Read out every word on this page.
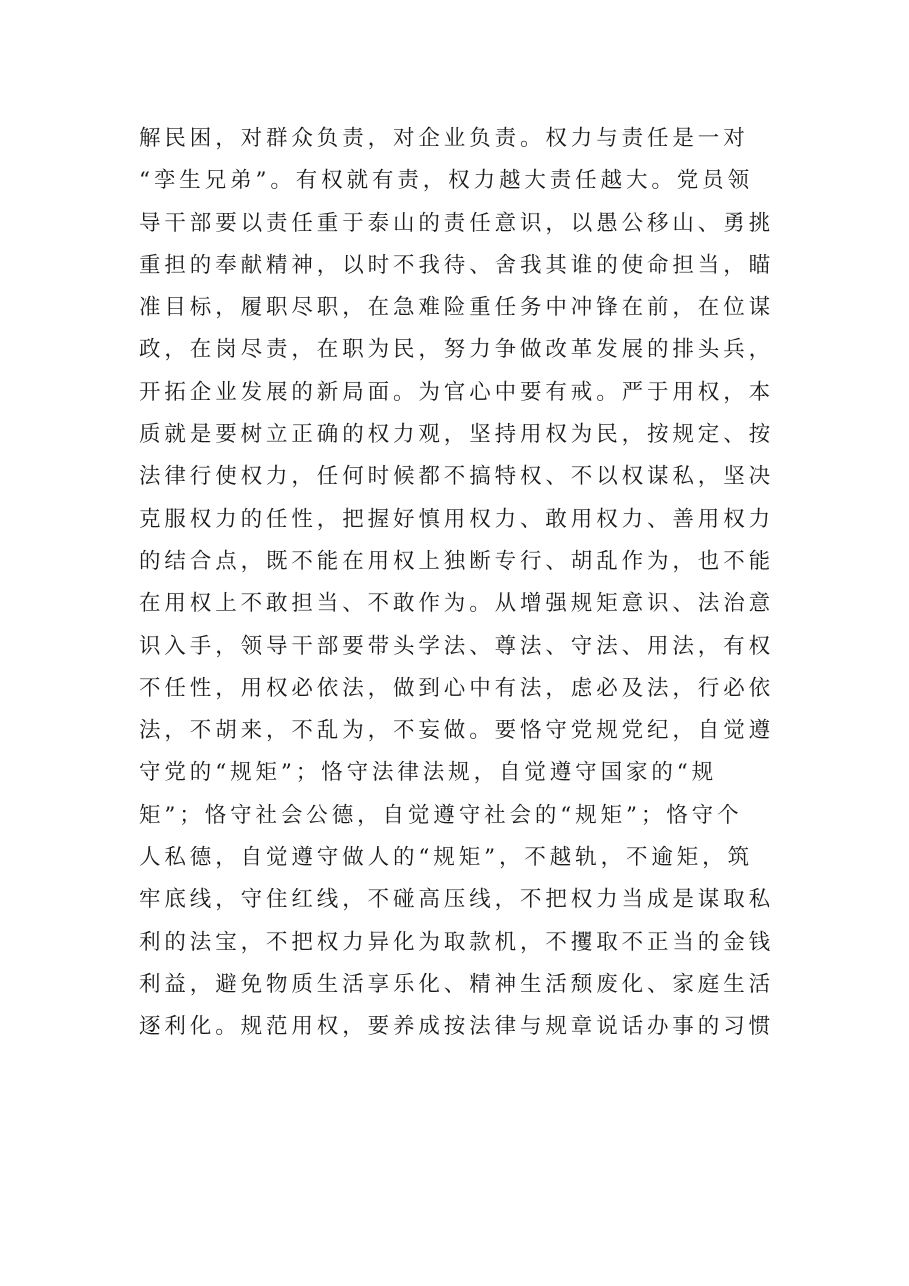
解民困，对群众负责，对企业负责。权力与责任是一对
“孪生兄弟”。有权就有责，权力越大责任越大。党员领
导干部要以责任重于泰山的责任意识，以愚公移山、勇挑
重担的奉献精神，以时不我待、舍我其谁的使命担当，瞄
准目标，履职尽职，在急难险重任务中冲锋在前，在位谋
政，在岗尽责，在职为民，努力争做改革发展的排头兵，
开拓企业发展的新局面。为官心中要有戒。严于用权，本
质就是要树立正确的权力观，坚持用权为民，按规定、按
法律行使权力，任何时候都不搞特权、不以权谋私，坚决
克服权力的任性，把握好慎用权力、敢用权力、善用权力
的结合点，既不能在用权上独断专行、胡乱作为，也不能
在用权上不敢担当、不敢作为。从增强规矩意识、法治意
识入手，领导干部要带头学法、尊法、守法、用法，有权
不任性，用权必依法，做到心中有法，虑必及法，行必依
法，不胡来，不乱为，不妄做。要恪守党规党纪，自觉遵
守党的“规矩”；恪守法律法规，自觉遵守国家的“规
矩”；恪守社会公德，自觉遵守社会的“规矩”；恪守个
人私德，自觉遵守做人的“规矩”，不越轨，不逾矩，筑
牢底线，守住红线，不碰高压线，不把权力当成是谋取私
利的法宝，不把权力异化为取款机，不攫取不正当的金钱
利益，避免物质生活享乐化、精神生活颓废化、家庭生活
逐利化。规范用权，要养成按法律与规章说话办事的习惯
